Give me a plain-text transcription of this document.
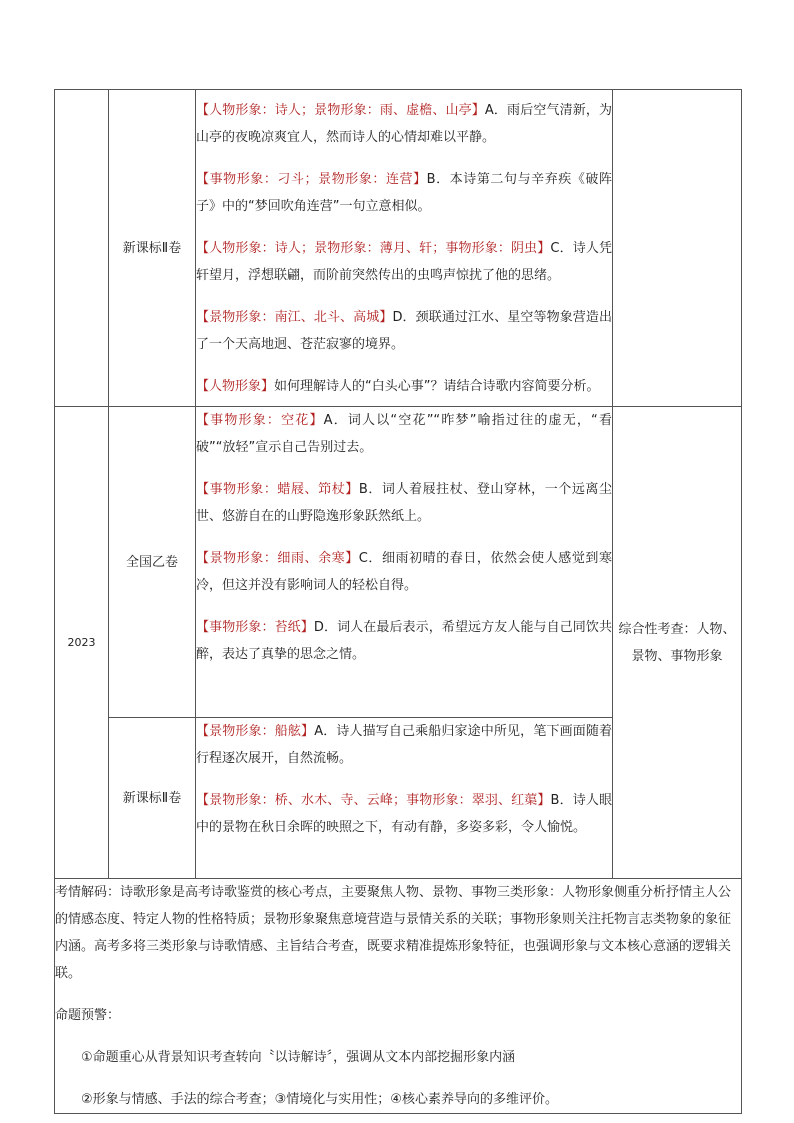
	新课标Ⅱ卷	【人物形象：诗人；景物形象：雨、虚檐、山亭】A．雨后空气清新，为山亭的夜晚凉爽宜人，然而诗人的心情却难以平静。
【事物形象：刁斗；景物形象：连营】B．本诗第二句与辛弃疾《破阵子》中的“梦回吹角连营”一句立意相似。
【人物形象：诗人；景物形象：薄月、轩；事物形象：阴虫】C．诗人凭轩望月，浮想联翩，而阶前突然传出的虫鸣声惊扰了他的思绪。
【景物形象：南江、北斗、高城】D．颈联通过江水、星空等物象营造出了一个天高地迥、苍茫寂寥的境界。
【人物形象】如何理解诗人的“白头心事”？请结合诗歌内容简要分析。	

2023	全国乙卷	【事物形象：空花】A．词人以“空花”“昨梦”喻指过往的虚无，“看破”“放轻”宣示自己告别过去。
【事物形象：蜡屐、笻杖】B．词人着屐拄杖、登山穿林，一个远离尘世、悠游自在的山野隐逸形象跃然纸上。
【景物形象：细雨、余寒】C．细雨初晴的春日，依然会使人感觉到寒冷，但这并没有影响词人的轻松自得。
【事物形象：苔纸】D．词人在最后表示，希望远方友人能与自己同饮共醉，表达了真挚的思念之情。	综合性考查：人物、景物、事物形象
	新课标Ⅱ卷	【景物形象：船舷】A．诗人描写自己乘船归家途中所见，笔下画面随着行程逐次展开，自然流畅。
【景物形象：桥、水木、寺、云峰；事物形象：翠羽、红蕖】B．诗人眼中的景物在秋日余晖的映照之下，有动有静，多姿多彩，令人愉悦。	

考情解码：诗歌形象是高考诗歌鉴赏的核心考点，主要聚焦人物、景物、事物三类形象：人物形象侧重分析抒情主人公的情感态度、特定人物的性格特质；景物形象聚焦意境营造与景情关系的关联；事物形象则关注托物言志类物象的象征内涵。高考多将三类形象与诗歌情感、主旨结合考查，既要求精准提炼形象特征，也强调形象与文本核心意涵的逻辑关联。

命题预警：

①命题重心从背景知识考查转向〝以诗解诗〞，强调从文本内部挖掘形象内涵

②形象与情感、手法的综合考查；③情境化与实用性；④核心素养导向的多维评价。			
